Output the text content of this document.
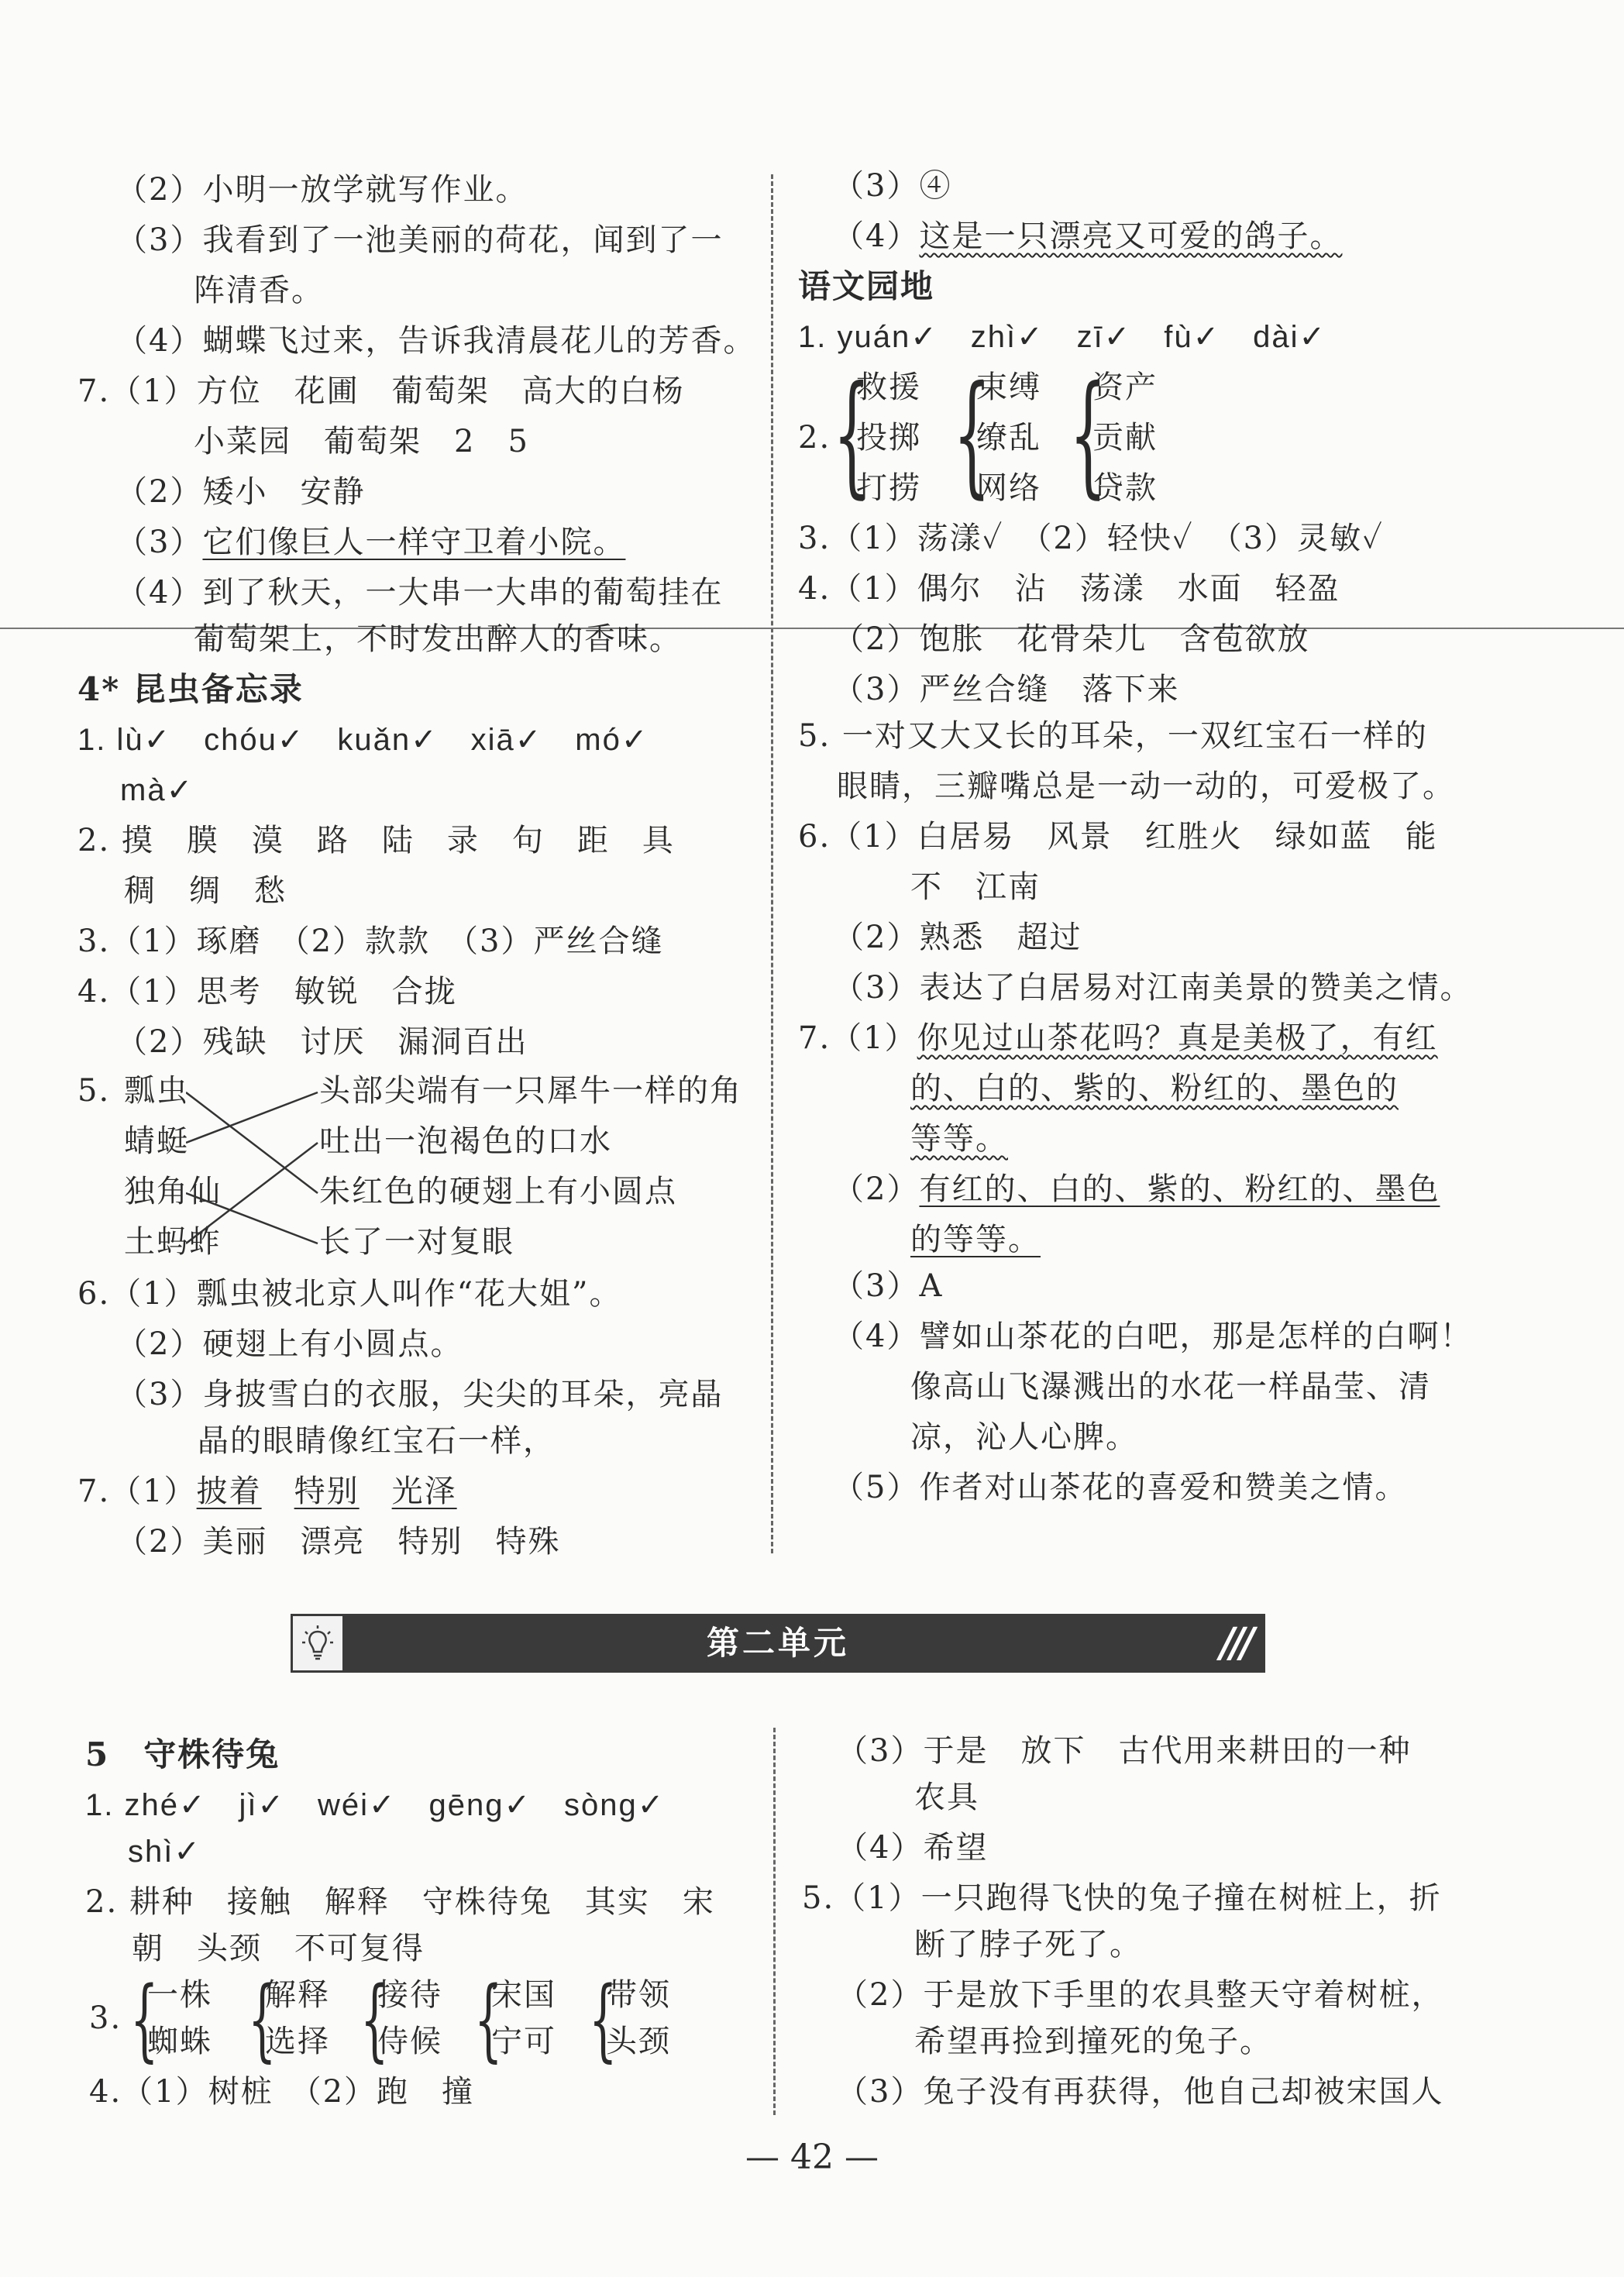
（2）小明一放学就写作业。
（3）我看到了一池美丽的荷花，闻到了一
阵清香。
（4）蝴蝶飞过来，告诉我清晨花儿的芳香。
7.（1）方位　花圃　葡萄架　高大的白杨
小菜园　葡萄架　2　5
（2）矮小　安静
（3）它们像巨人一样守卫着小院。
（4）到了秋天，一大串一大串的葡萄挂在
葡萄架上，不时发出醉人的香味。
4* 昆虫备忘录
1. lù✓　chóu✓　kuǎn✓　xiā✓　mó✓
mà✓
2. 摸　膜　漠　路　陆　录　句　距　具
稠　绸　愁
3.（1）琢磨　（2）款款　（3）严丝合缝
4.（1）思考　敏锐　合拢
（2）残缺　讨厌　漏洞百出
5. 瓢虫
蜻蜓
独角仙
土蚂蚱
头部尖端有一只犀牛一样的角
吐出一泡褐色的口水
朱红色的硬翅上有小圆点
长了一对复眼
6.（1）瓢虫被北京人叫作“花大姐”。
（2）硬翅上有小圆点。
（3）身披雪白的衣服，尖尖的耳朵，亮晶
晶的眼睛像红宝石一样，
7.（1）披着　 特别　 光泽
（2）美丽　漂亮　特别　特殊
（3）④
（4）这是一只漂亮又可爱的鸽子。
语文园地
1. yuán✓　zhì✓　zī✓　fù✓　dài✓
2. {
救援
投掷
打捞 {
束缚
缭乱
网络 {
资产
贡献
贷款
3.（1）荡漾✓　（2）轻快✓　（3）灵敏✓
4.（1）偶尔　沾　荡漾　水面　轻盈
（2）饱胀　花骨朵儿　含苞欲放
（3）严丝合缝　落下来
5. 一对又大又长的耳朵，一双红宝石一样的
眼睛，三瓣嘴总是一动一动的，可爱极了。
6.（1）白居易　风景　红胜火　绿如蓝　能
不　江南
（2）熟悉　超过
（3）表达了白居易对江南美景的赞美之情。
7.（1）你见过山茶花吗？真是美极了，有红
的、白的、紫的、粉红的、墨色的
等等。
（2）有红的、白的、紫的、粉红的、墨色
的等等。
（3）A
（4）譬如山茶花的白吧，那是怎样的白啊！
像高山飞瀑溅出的水花一样晶莹、清
凉，沁人心脾。
（5）作者对山茶花的喜爱和赞美之情。
第二单元	///
5　守株待兔
1. zhé✓　jì✓　wéi✓　gēng✓　sòng✓
shì✓
2. 耕种　接触　解释　守株待兔　其实　宋
朝　头颈　不可复得
3. {
一株
蜘蛛 {
解释
选择 {
接待
侍候 {
宋国
宁可 {
带领
头颈
4.（1）树桩　（2）跑　撞
（3）于是　放下　古代用来耕田的一种
农具
（4）希望
5.（1）一只跑得飞快的兔子撞在树桩上，折
断了脖子死了。
（2）于是放下手里的农具整天守着树桩，
希望再捡到撞死的兔子。
（3）兔子没有再获得，他自己却被宋国人
— 42 —
